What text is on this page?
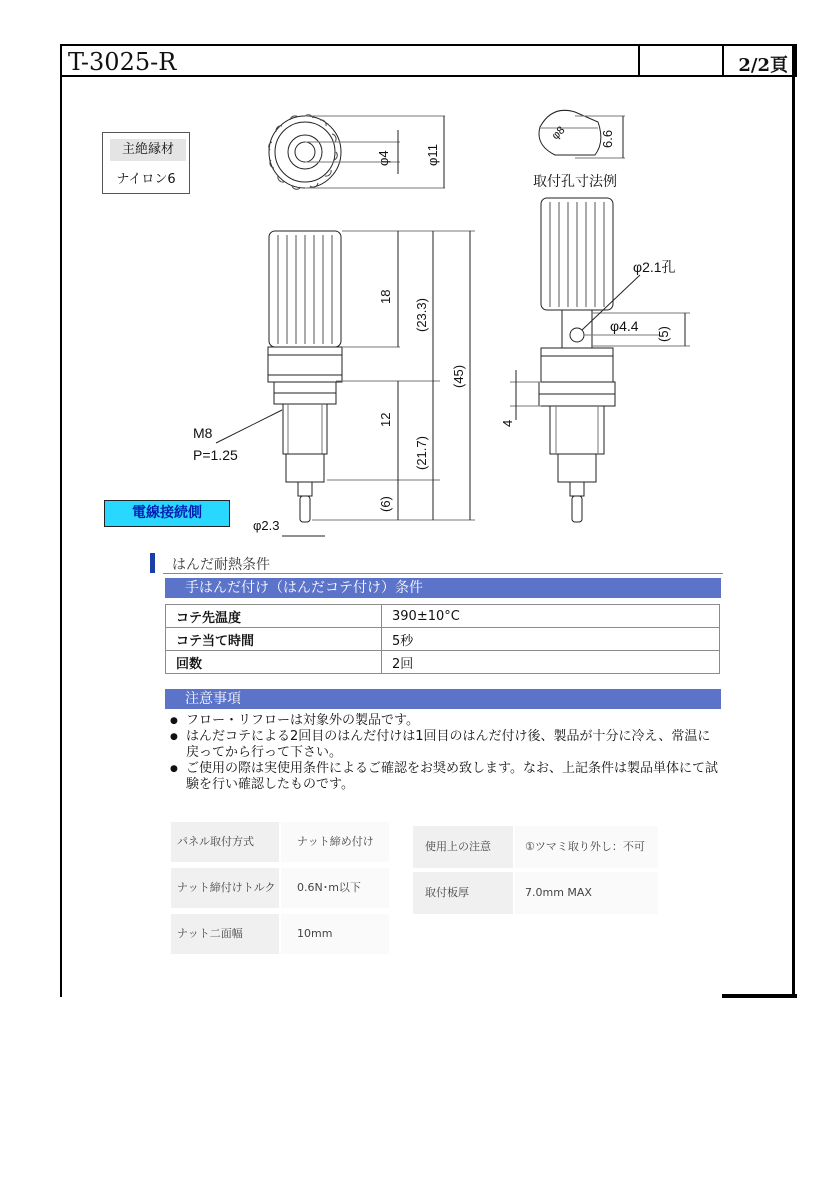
T-3025-R	2/2頁
主絶縁材
ナイロン6
φ4	φ11
φ8 6.6
取付孔寸法例
18
(23.3)
(45)
12
(21.7)
(6)
M8
P=1.25
φ2.3
φ2.1孔
φ4.4
(5)
4
電線接続側
はんだ耐熱条件
手はんだ付け（はんだコテ付け）条件
コテ先温度	390±10°C
コテ当て時間	5秒
回数	2回
注意事項
● フロー・リフローは対象外の製品です。
● はんだコテによる2回目のはんだ付けは1回目のはんだ付け後、製品が十分に冷え、常温に戻ってから行って下さい。
● ご使用の際は実使用条件によるご確認をお奨め致します。なお、上記条件は製品単体にて試験を行い確認したものです。
パネル取付方式	ナット締め付け
ナット締付けトルク	0.6N･m以下
ナット二面幅	10mm
使用上の注意	①ツマミ取り外し：不可
取付板厚	7.0mm MAX
